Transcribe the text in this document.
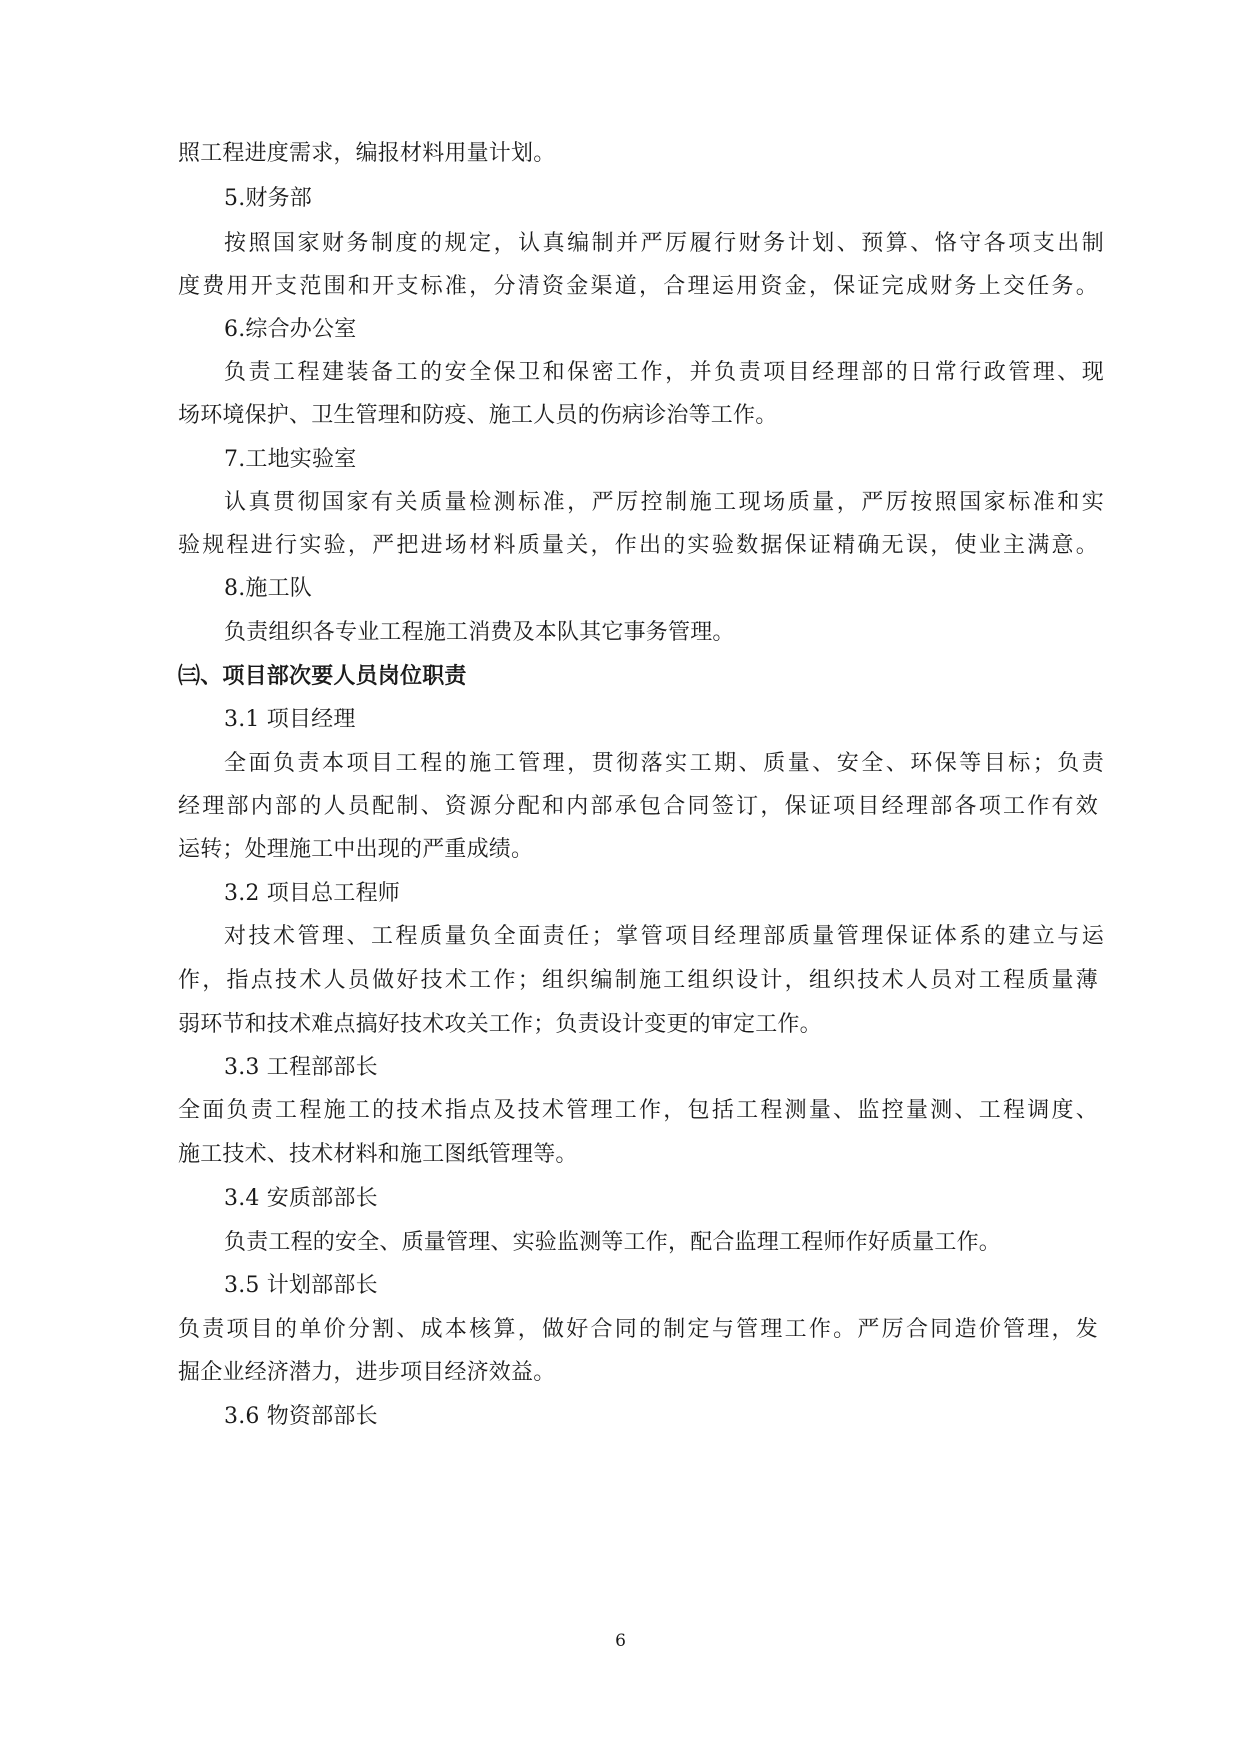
照工程进度需求，编报材料用量计划。
5.财务部
按照国家财务制度的规定，认真编制并严厉履行财务计划、预算、恪守各项支出制
度费用开支范围和开支标准，分清资金渠道，合理运用资金，保证完成财务上交任务。
6.综合办公室
负责工程建装备工的安全保卫和保密工作，并负责项目经理部的日常行政管理、现
场环境保护、卫生管理和防疫、施工人员的伤病诊治等工作。
7.工地实验室
认真贯彻国家有关质量检测标准，严厉控制施工现场质量，严厉按照国家标准和实
验规程进行实验，严把进场材料质量关，作出的实验数据保证精确无误，使业主满意。
8.施工队
负责组织各专业工程施工消费及本队其它事务管理。
㈢、项目部次要人员岗位职责
3.1 项目经理
全面负责本项目工程的施工管理，贯彻落实工期、质量、安全、环保等目标；负责
经理部内部的人员配制、资源分配和内部承包合同签订，保证项目经理部各项工作有效
运转；处理施工中出现的严重成绩。
3.2 项目总工程师
对技术管理、工程质量负全面责任；掌管项目经理部质量管理保证体系的建立与运
作，指点技术人员做好技术工作；组织编制施工组织设计，组织技术人员对工程质量薄
弱环节和技术难点搞好技术攻关工作；负责设计变更的审定工作。
3.3 工程部部长
全面负责工程施工的技术指点及技术管理工作，包括工程测量、监控量测、工程调度、
施工技术、技术材料和施工图纸管理等。
3.4 安质部部长
负责工程的安全、质量管理、实验监测等工作，配合监理工程师作好质量工作。
3.5 计划部部长
负责项目的单价分割、成本核算，做好合同的制定与管理工作。严厉合同造价管理，发
掘企业经济潜力，进步项目经济效益。
3.6 物资部部长
6
